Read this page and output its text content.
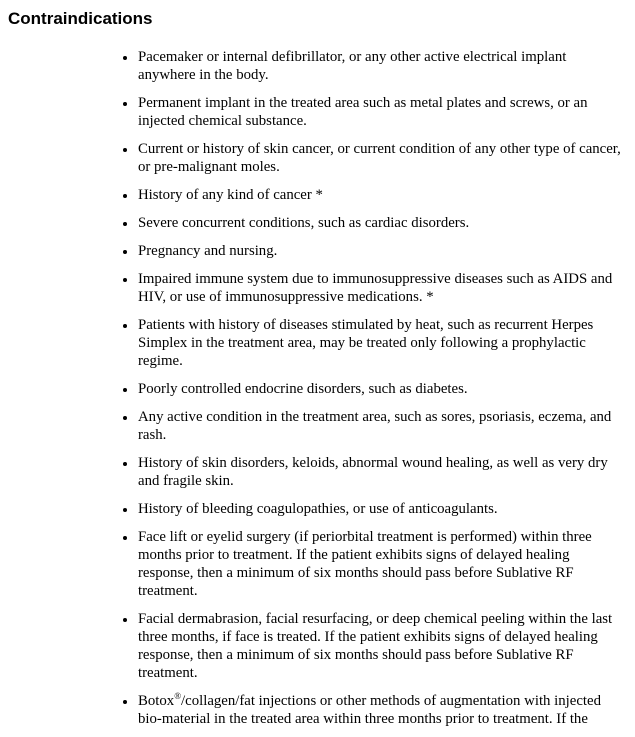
Contraindications
• Pacemaker or internal defibrillator, or any other active electrical implant anywhere in the body.
• Permanent implant in the treated area such as metal plates and screws, or an injected chemical substance.
• Current or history of skin cancer, or current condition of any other type of cancer, or pre-malignant moles.
• History of any kind of cancer *
• Severe concurrent conditions, such as cardiac disorders.
• Pregnancy and nursing.
• Impaired immune system due to immunosuppressive diseases such as AIDS and HIV, or use of immunosuppressive medications. *
• Patients with history of diseases stimulated by heat, such as recurrent Herpes Simplex in the treatment area, may be treated only following a prophylactic regime.
• Poorly controlled endocrine disorders, such as diabetes.
• Any active condition in the treatment area, such as sores, psoriasis, eczema, and rash.
• History of skin disorders, keloids, abnormal wound healing, as well as very dry and fragile skin.
• History of bleeding coagulopathies, or use of anticoagulants.
• Face lift or eyelid surgery (if periorbital treatment is performed) within three months prior to treatment. If the patient exhibits signs of delayed healing response, then a minimum of six months should pass before Sublative RF treatment.
• Facial dermabrasion, facial resurfacing, or deep chemical peeling within the last three months, if face is treated. If the patient exhibits signs of delayed healing response, then a minimum of six months should pass before Sublative RF treatment.
• Botox®/collagen/fat injections or other methods of augmentation with injected bio-material in the treated area within three months prior to treatment. If the
